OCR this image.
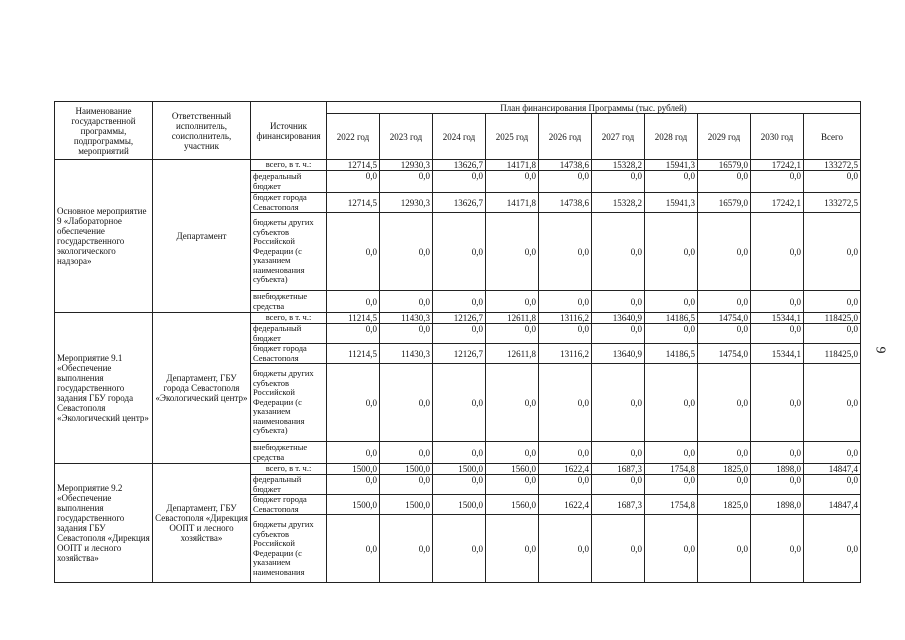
Наименование государственной программы, подпрограммы, мероприятий	Ответственный исполнитель, соисполнитель, участник	Источник финансирования	План финансирования Программы (тыс. рублей)									
			2022 год	2023 год	2024 год	2025 год	2026 год	2027 год	2028 год	2029 год	2030 год	Всего
Основное мероприятие 9 «Лабораторное обеспечение государственного экологического надзора»	Департамент	всего, в т. ч.:	12714,5	12930,3	13626,7	14171,8	14738,6	15328,2	15941,3	16579,0	17242,1	133272,5
		федеральный бюджет	0,0	0,0	0,0	0,0	0,0	0,0	0,0	0,0	0,0	0,0
		бюджет города Севастополя	12714,5	12930,3	13626,7	14171,8	14738,6	15328,2	15941,3	16579,0	17242,1	133272,5
		бюджеты других субъектов Российской Федерации (с указанием наименования субъекта)	0,0	0,0	0,0	0,0	0,0	0,0	0,0	0,0	0,0	0,0
		внебюджетные средства	0,0	0,0	0,0	0,0	0,0	0,0	0,0	0,0	0,0	0,0
Мероприятие 9.1 «Обеспечение выполнения государственного задания ГБУ города Севастополя «Экологический центр»	Департамент, ГБУ города Севастополя «Экологический центр»	всего, в т. ч.:	11214,5	11430,3	12126,7	12611,8	13116,2	13640,9	14186,5	14754,0	15344,1	118425,0
		федеральный бюджет	0,0	0,0	0,0	0,0	0,0	0,0	0,0	0,0	0,0	0,0
		бюджет города Севастополя	11214,5	11430,3	12126,7	12611,8	13116,2	13640,9	14186,5	14754,0	15344,1	118425,0
		бюджеты других субъектов Российской Федерации (с указанием наименования субъекта)	0,0	0,0	0,0	0,0	0,0	0,0	0,0	0,0	0,0	0,0
		внебюджетные средства	0,0	0,0	0,0	0,0	0,0	0,0	0,0	0,0	0,0	0,0
Мероприятие 9.2 «Обеспечение выполнения государственного задания ГБУ Севастополя «Дирекция ООПТ и лесного хозяйства»	Департамент, ГБУ Севастополя «Дирекция ООПТ и лесного хозяйства»	всего, в т. ч.:	1500,0	1500,0	1500,0	1560,0	1622,4	1687,3	1754,8	1825,0	1898,0	14847,4
		федеральный бюджет	0,0	0,0	0,0	0,0	0,0	0,0	0,0	0,0	0,0	0,0
		бюджет города Севастополя	1500,0	1500,0	1500,0	1560,0	1622,4	1687,3	1754,8	1825,0	1898,0	14847,4
		бюджеты других субъектов Российской Федерации (с указанием наименования	0,0	0,0	0,0	0,0	0,0	0,0	0,0	0,0	0,0	0,0
9
